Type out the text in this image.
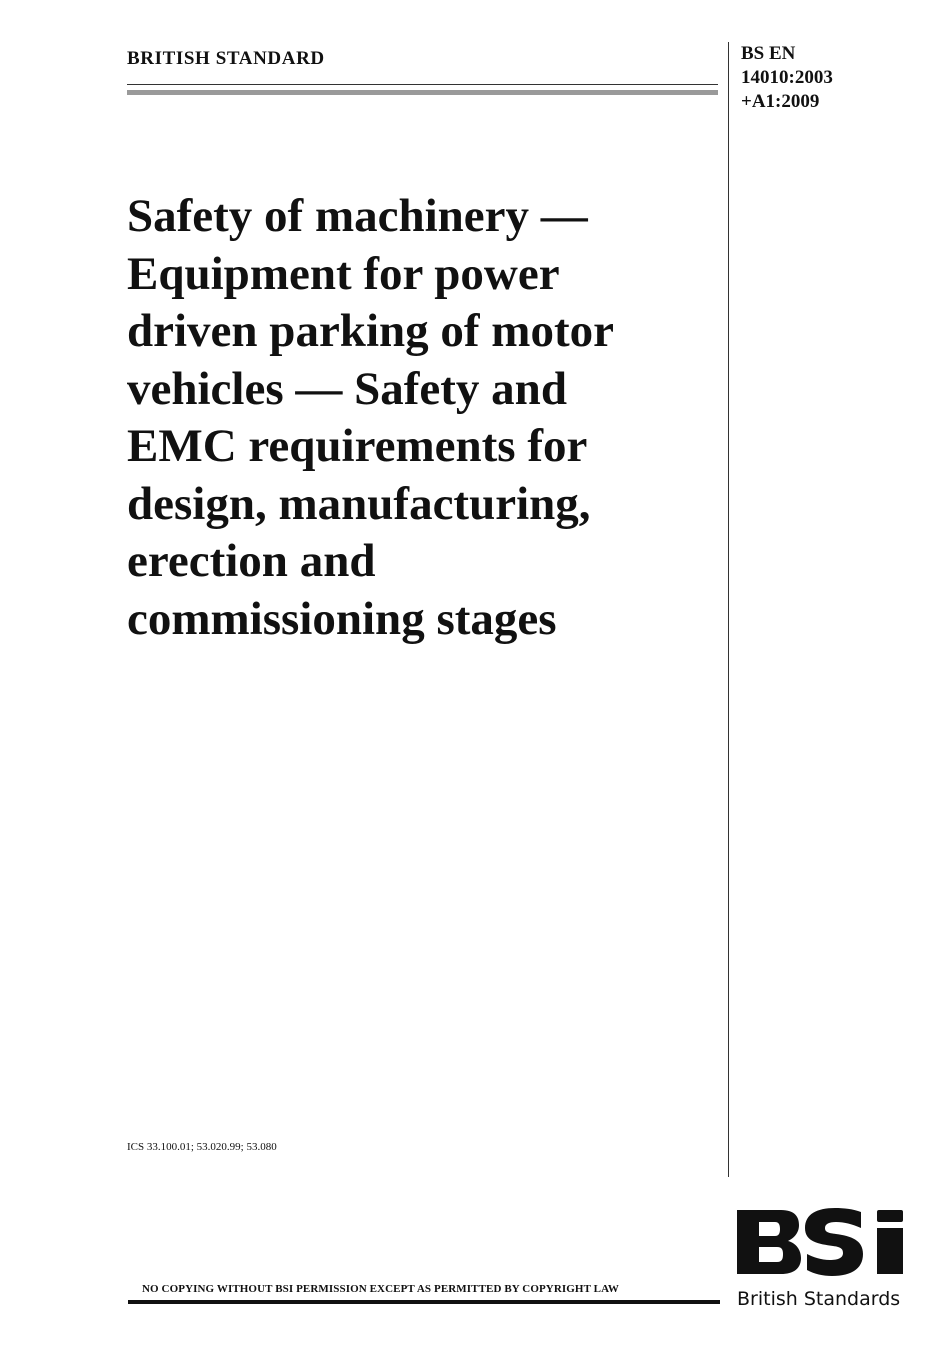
BRITISH STANDARD	BS EN
14010:2003
+A1:2009
Safety of machinery —
Equipment for power
driven parking of motor
vehicles — Safety and
EMC requirements for
design, manufacturing,
erection and
commissioning stages
ICS 33.100.01; 53.020.99; 53.080
NO COPYING WITHOUT BSI PERMISSION EXCEPT AS PERMITTED BY COPYRIGHT LAW	British Standards
